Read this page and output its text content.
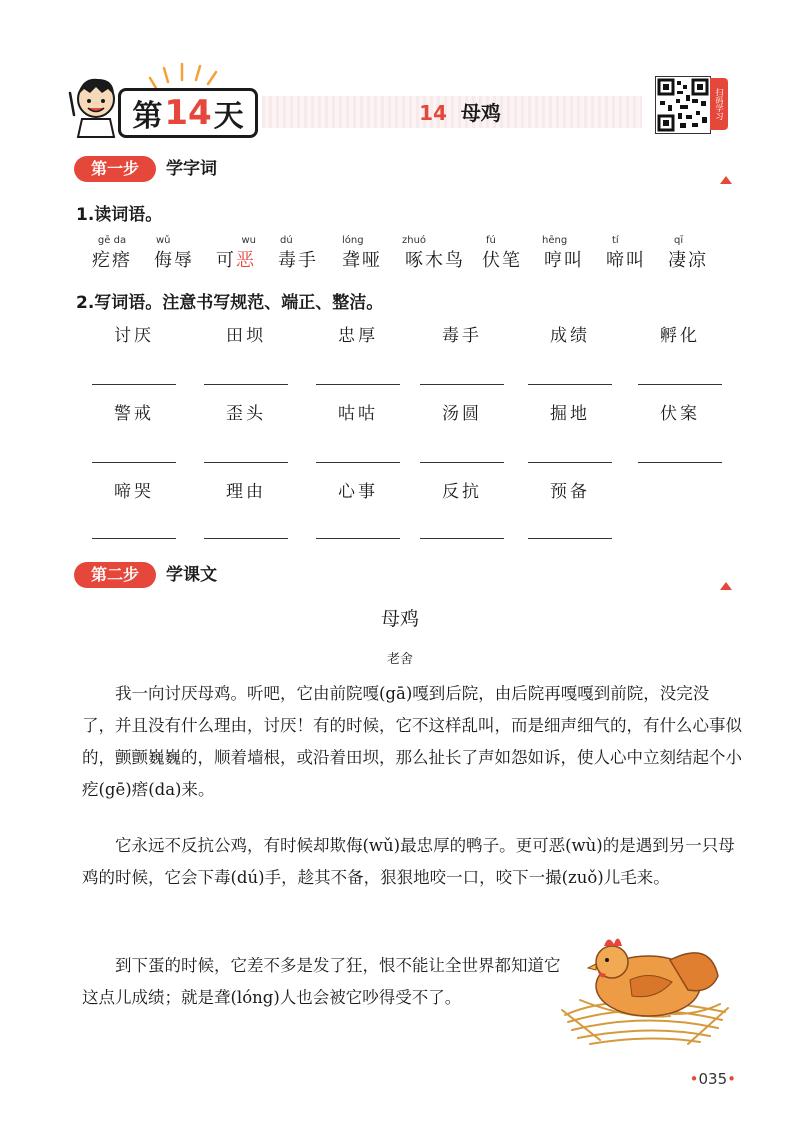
第 14 天	14 母鸡	扫码学习
第一步	学字词
1.读词语。
gē da
疙瘩
wǔ
侮辱
wu
可恶
dú
毒手
lóng
聋哑
zhuó
啄木鸟
fú
伏笔
hēng
哼叫
tí
啼叫
qī
凄凉
2.写词语。注意书写规范、端正、整洁。
讨厌	田坝	忠厚	毒手	成绩	孵化
警戒	歪头	咕咕	汤圆	掘地	伏案
啼哭	理由	心事	反抗	预备
第二步	学课文
母鸡
老舍

我一向讨厌母鸡。听吧，它由前院嘎(gā)嘎到后院，由后院再嘎嘎到前院，没完没了，并且没有什么理由，讨厌！有的时候，它不这样乱叫，而是细声细气的，有什么心事似的，颤颤巍巍的，顺着墙根，或沿着田坝，那么扯长了声如怨如诉，使人心中立刻结起个小疙(gē)瘩(da)来。

它永远不反抗公鸡，有时候却欺侮(wǔ)最忠厚的鸭子。更可恶(wù)的是遇到另一只母鸡的时候，它会下毒(dú)手，趁其不备，狠狠地咬一口，咬下一撮(zuǒ)儿毛来。

到下蛋的时候，它差不多是发了狂，恨不能让全世界都知道它这点儿成绩；就是聋(lóng)人也会被它吵得受不了。

•035•
